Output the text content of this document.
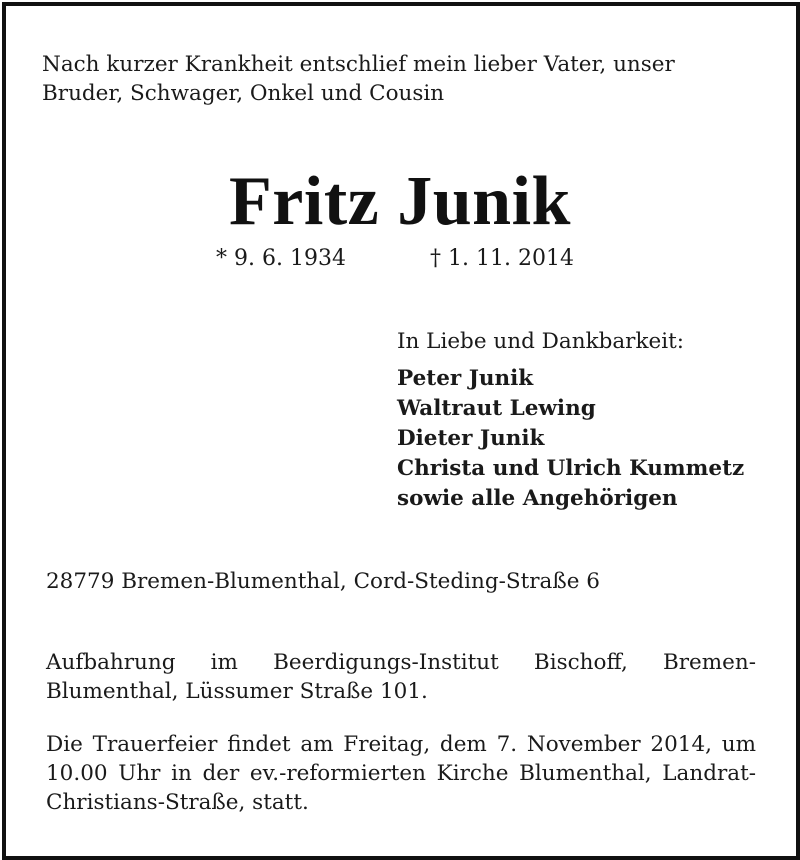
Nach kurzer Krankheit entschlief mein lieber Vater, unser Bruder, Schwager, Onkel und Cousin
Fritz Junik
* 9. 6. 1934	† 1. 11. 2014
In Liebe und Dankbarkeit:
Peter Junik
Waltraut Lewing
Dieter Junik
Christa und Ulrich Kummetz
sowie alle Angehörigen
28779 Bremen-Blumenthal, Cord-Steding-Straße 6
Aufbahrung im Beerdigungs-Institut Bischoff, Bremen-Blumenthal, Lüssumer Straße 101.
Die Trauerfeier findet am Freitag, dem 7. November 2014, um 10.00 Uhr in der ev.-reformierten Kirche Blumenthal, Landrat-Christians-Straße, statt.
